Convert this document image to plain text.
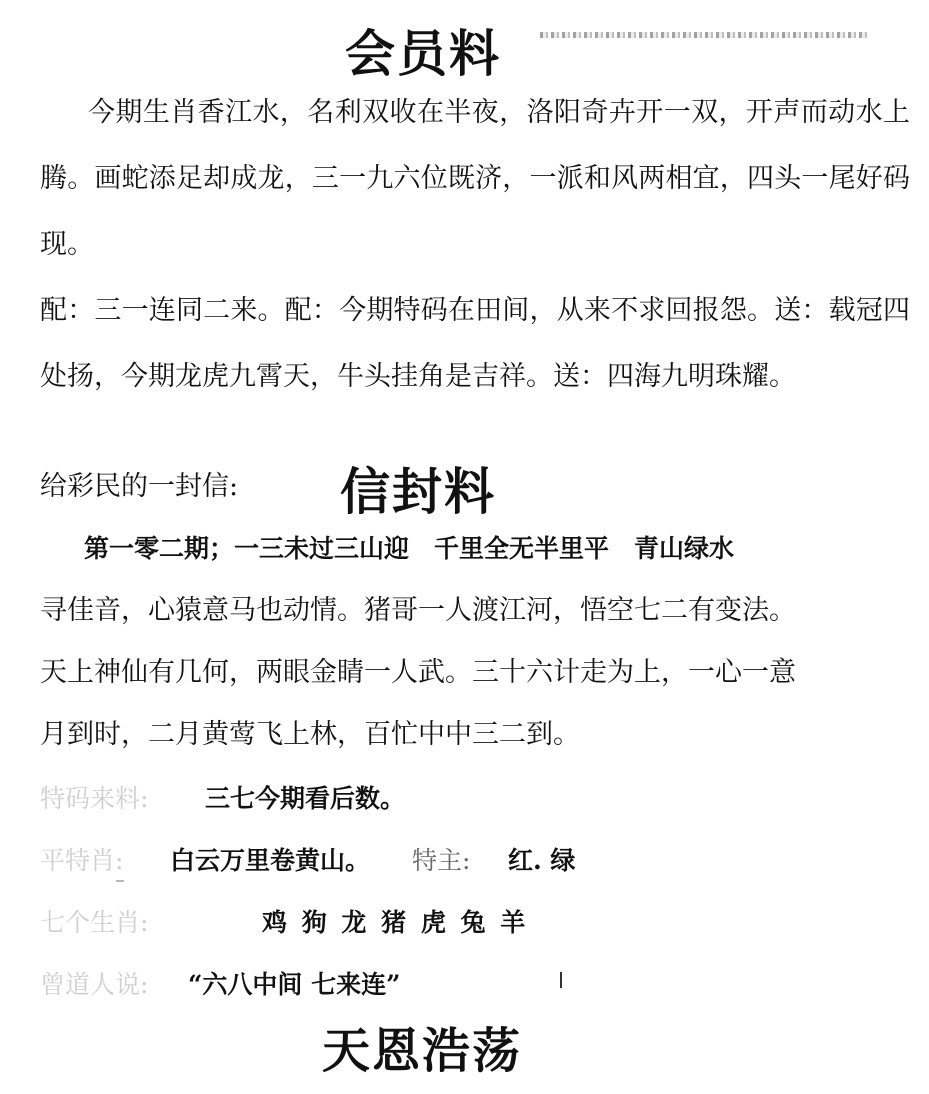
会员料
今期生肖香江水，名利双收在半夜，洛阳奇卉开一双，开声而动水上腾。画蛇添足却成龙，三一九六位既济，一派和风两相宜，四头一尾好码现。
配：三一连同二来。配：今期特码在田间，从来不求回报怨。送：载冠四处扬，今期龙虎九霄天，牛头挂角是吉祥。送：四海九明珠耀。
给彩民的一封信: 信封料
第一零二期；一三未过三山迎　千里全无半里平　青山绿水
寻佳音，心猿意马也动情。猪哥一人渡江河，悟空七二有变法。
天上神仙有几何，两眼金睛一人武。三十六计走为上，一心一意
月到时，二月黄莺飞上林，百忙中中三二到。
特码来料: 三七今期看后数。
平特肖: 白云万里卷黄山。 特主: 红. 绿
七个生肖:	鸡 狗 龙 猪 虎 兔 羊
曾道人说: “六八中间 七来连”
天恩浩荡
